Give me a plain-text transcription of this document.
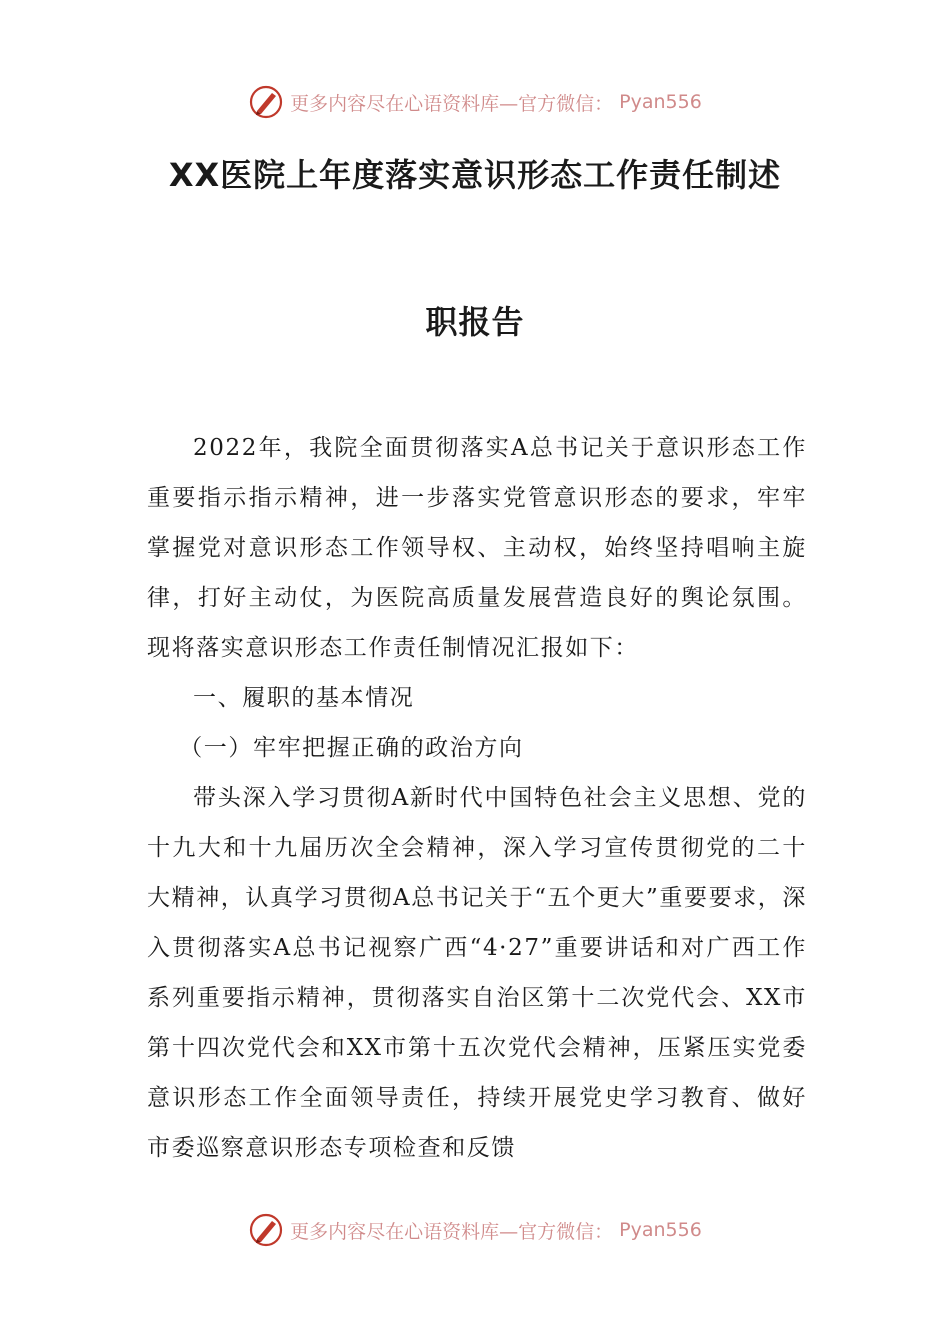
更多内容尽在心语资料库—官方微信： Pyan556
XX医院上年度落实意识形态工作责任制述
职报告

2022年，我院全面贯彻落实A总书记关于意识形态工作重要指示指示精神，进一步落实党管意识形态的要求，牢牢掌握党对意识形态工作领导权、主动权，始终坚持唱响主旋律，打好主动仗，为医院高质量发展营造良好的舆论氛围。现将落实意识形态工作责任制情况汇报如下：

一、履职的基本情况

（一）牢牢把握正确的政治方向

带头深入学习贯彻A新时代中国特色社会主义思想、党的十九大和十九届历次全会精神，深入学习宣传贯彻党的二十大精神，认真学习贯彻A总书记关于“五个更大”重要要求，深入贯彻落实A总书记视察广西“4·27”重要讲话和对广西工作系列重要指示精神，贯彻落实自治区第十二次党代会、XX市第十四次党代会和XX市第十五次党代会精神，压紧压实党委意识形态工作全面领导责任，持续开展党史学习教育、做好市委巡察意识形态专项检查和反馈

更多内容尽在心语资料库—官方微信： Pyan556
